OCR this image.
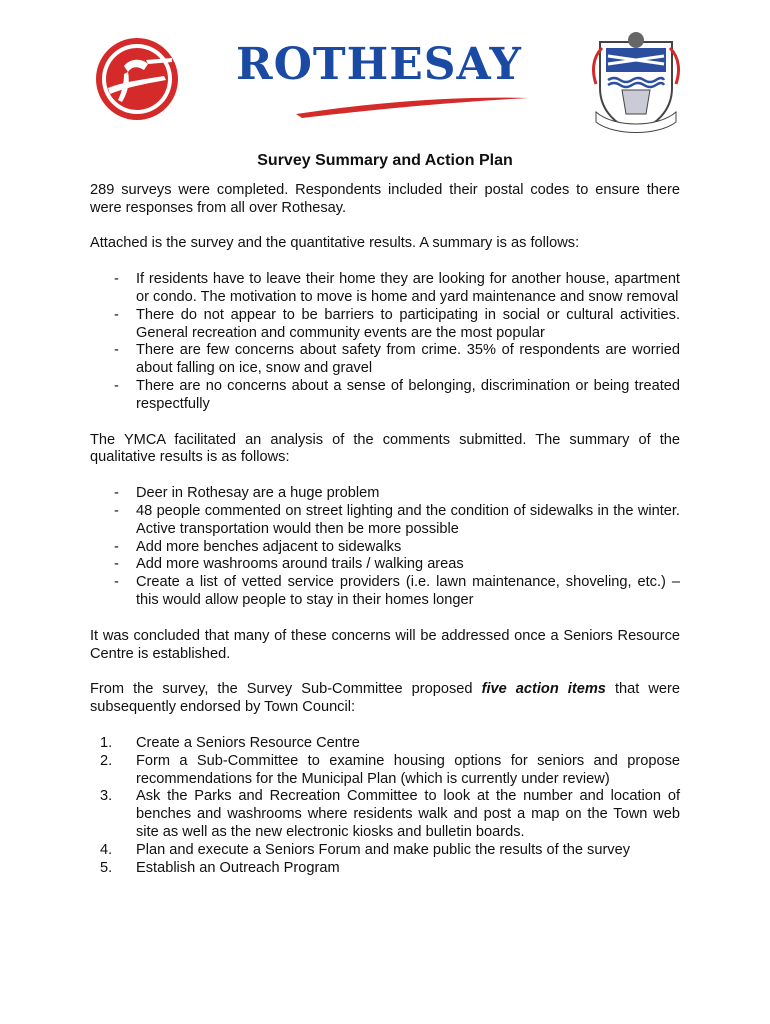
ROTHESAY
Survey Summary and Action Plan

289 surveys were completed. Respondents included their postal codes to ensure there were responses from all over Rothesay.

Attached is the survey and the quantitative results. A summary is as follows:

- If residents have to leave their home they are looking for another house, apartment or condo. The motivation to move is home and yard maintenance and snow removal
- There do not appear to be barriers to participating in social or cultural activities. General recreation and community events are the most popular
- There are few concerns about safety from crime. 35% of respondents are worried about falling on ice, snow and gravel
- There are no concerns about a sense of belonging, discrimination or being treated respectfully

The YMCA facilitated an analysis of the comments submitted. The summary of the qualitative results is as follows:

- Deer in Rothesay are a huge problem
- 48 people commented on street lighting and the condition of sidewalks in the winter. Active transportation would then be more possible
- Add more benches adjacent to sidewalks
- Add more washrooms around trails / walking areas
- Create a list of vetted service providers (i.e. lawn maintenance, shoveling, etc.) – this would allow people to stay in their homes longer

It was concluded that many of these concerns will be addressed once a Seniors Resource Centre is established.

From the survey, the Survey Sub-Committee proposed five action items that were subsequently endorsed by Town Council:

1. Create a Seniors Resource Centre
2. Form a Sub-Committee to examine housing options for seniors and propose recommendations for the Municipal Plan (which is currently under review)
3. Ask the Parks and Recreation Committee to look at the number and location of benches and washrooms where residents walk and post a map on the Town web site as well as the new electronic kiosks and bulletin boards.
4. Plan and execute a Seniors Forum and make public the results of the survey
5. Establish an Outreach Program
